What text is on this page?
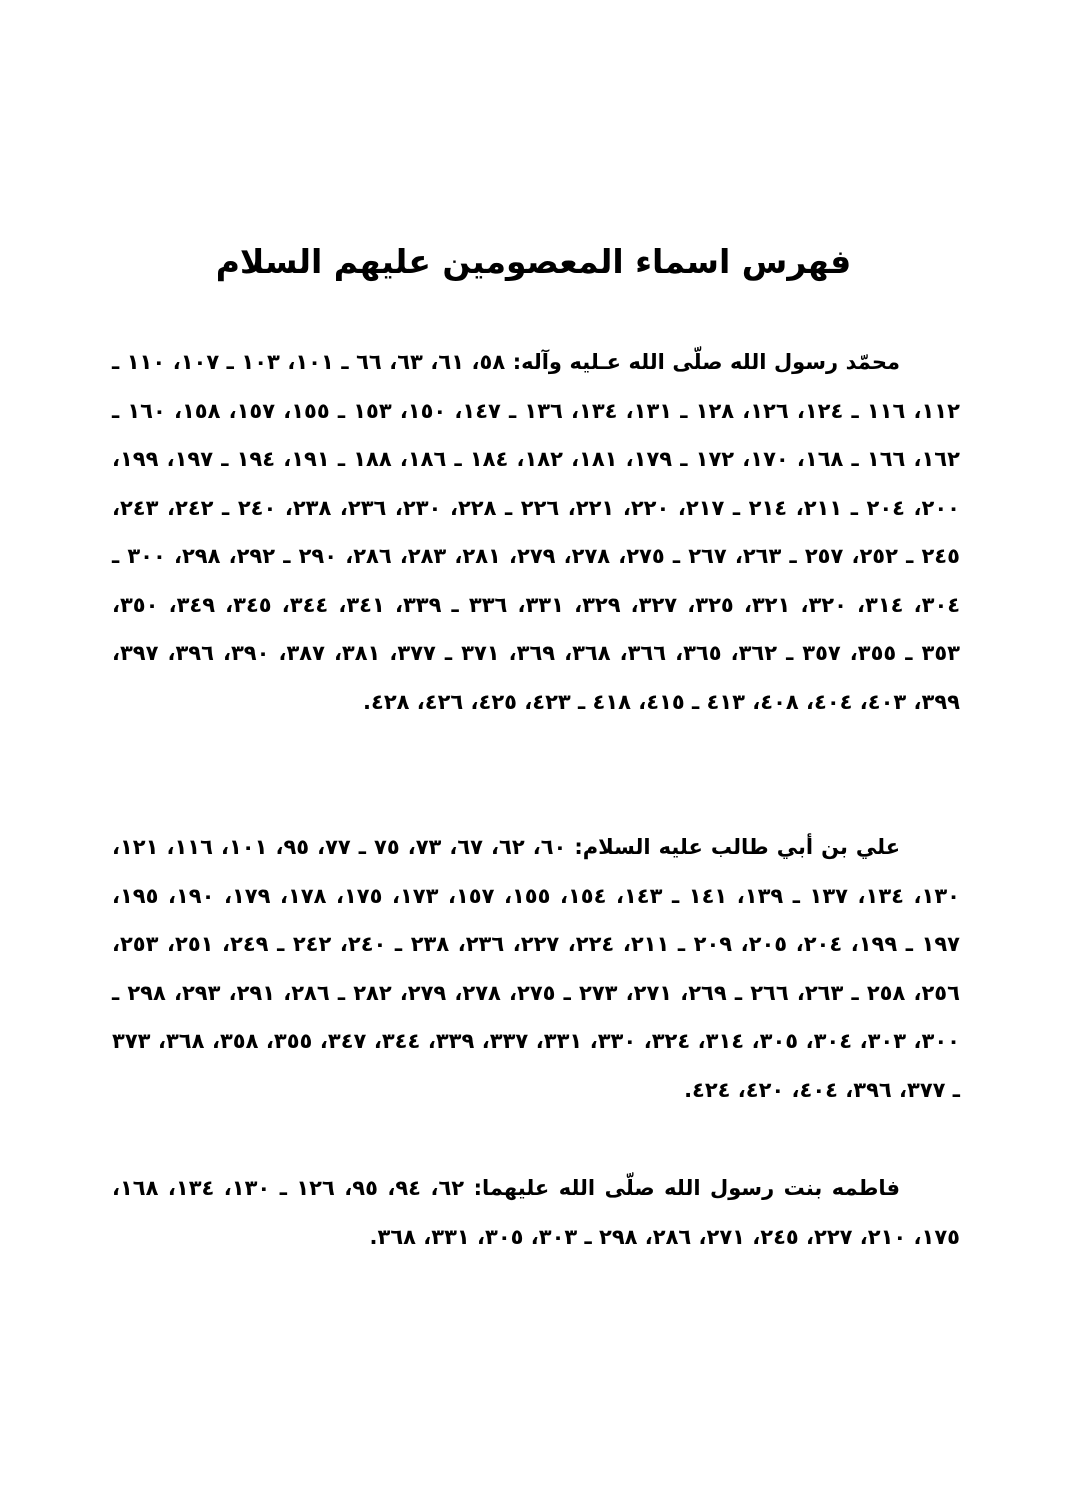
فهرس اسماء المعصومين عليهم السلام

محمّد رسول الله صلّى الله عـليه وآله: ٥٨، ٦١، ٦٣، ٦٦ ـ ١٠١، ١٠٣ ـ ١٠٧، ١١٠ ـ ١١٢، ١١٦ ـ ١٢٤، ١٢٦، ١٢٨ ـ ١٣١، ١٣٤، ١٣٦ ـ ١٤٧، ١٥٠، ١٥٣ ـ ١٥٥، ١٥٧، ١٥٨، ١٦٠ ـ ١٦٢، ١٦٦ ـ ١٦٨، ١٧٠، ١٧٢ ـ ١٧٩، ١٨١، ١٨٢، ١٨٤ ـ ١٨٦، ١٨٨ ـ ١٩١، ١٩٤ ـ ١٩٧، ١٩٩، ٢٠٠، ٢٠٤ ـ ٢١١، ٢١٤ ـ ٢١٧، ٢٢٠، ٢٢١، ٢٢٦ ـ ٢٢٨، ٢٣٠، ٢٣٦، ٢٣٨، ٢٤٠ ـ ٢٤٢، ٢٤٣، ٢٤٥ ـ ٢٥٢، ٢٥٧ ـ ٢٦٣، ٢٦٧ ـ ٢٧٥، ٢٧٨، ٢٧٩، ٢٨١، ٢٨٣، ٢٨٦، ٢٩٠ ـ ٢٩٢، ٢٩٨، ٣٠٠ ـ ٣٠٤، ٣١٤، ٣٢٠، ٣٢١، ٣٢٥، ٣٢٧، ٣٢٩، ٣٣١، ٣٣٦ ـ ٣٣٩، ٣٤١، ٣٤٤، ٣٤٥، ٣٤٩، ٣٥٠، ٣٥٣ ـ ٣٥٥، ٣٥٧ ـ ٣٦٢، ٣٦٥، ٣٦٦، ٣٦٨، ٣٦٩، ٣٧١ ـ ٣٧٧، ٣٨١، ٣٨٧، ٣٩٠، ٣٩٦، ٣٩٧، ٣٩٩، ٤٠٣، ٤٠٤، ٤٠٨، ٤١٣ ـ ٤١٥، ٤١٨ ـ ٤٢٣، ٤٢٥، ٤٢٦، ٤٢٨.

علي بن أبي طالب عليه السلام: ٦٠، ٦٢، ٦٧، ٧٣، ٧٥ ـ ٧٧، ٩٥، ١٠١، ١١٦، ١٢١، ١٣٠، ١٣٤، ١٣٧ ـ ١٣٩، ١٤١ ـ ١٤٣، ١٥٤، ١٥٥، ١٥٧، ١٧٣، ١٧٥، ١٧٨، ١٧٩، ١٩٠، ١٩٥، ١٩٧ ـ ١٩٩، ٢٠٤، ٢٠٥، ٢٠٩ ـ ٢١١، ٢٢٤، ٢٢٧، ٢٣٦، ٢٣٨ ـ ٢٤٠، ٢٤٢ ـ ٢٤٩، ٢٥١، ٢٥٣، ٢٥٦، ٢٥٨ ـ ٢٦٣، ٢٦٦ ـ ٢٦٩، ٢٧١، ٢٧٣ ـ ٢٧٥، ٢٧٨، ٢٧٩، ٢٨٢ ـ ٢٨٦، ٢٩١، ٢٩٣، ٢٩٨ ـ ٣٠٠، ٣٠٣، ٣٠٤، ٣٠٥، ٣١٤، ٣٢٤، ٣٣٠، ٣٣١، ٣٣٧، ٣٣٩، ٣٤٤، ٣٤٧، ٣٥٥، ٣٥٨، ٣٦٨، ٣٧٣ ـ ٣٧٧، ٣٩٦، ٤٠٤، ٤٢٠، ٤٢٤.

فاطمه بنت رسول الله صلّى الله عليهما: ٦٢، ٩٤، ٩٥، ١٢٦ ـ ١٣٠، ١٣٤، ١٦٨، ١٧٥، ٢١٠، ٢٢٧، ٢٤٥، ٢٧١، ٢٨٦، ٢٩٨ ـ ٣٠٣، ٣٠٥، ٣٣١، ٣٦٨.
